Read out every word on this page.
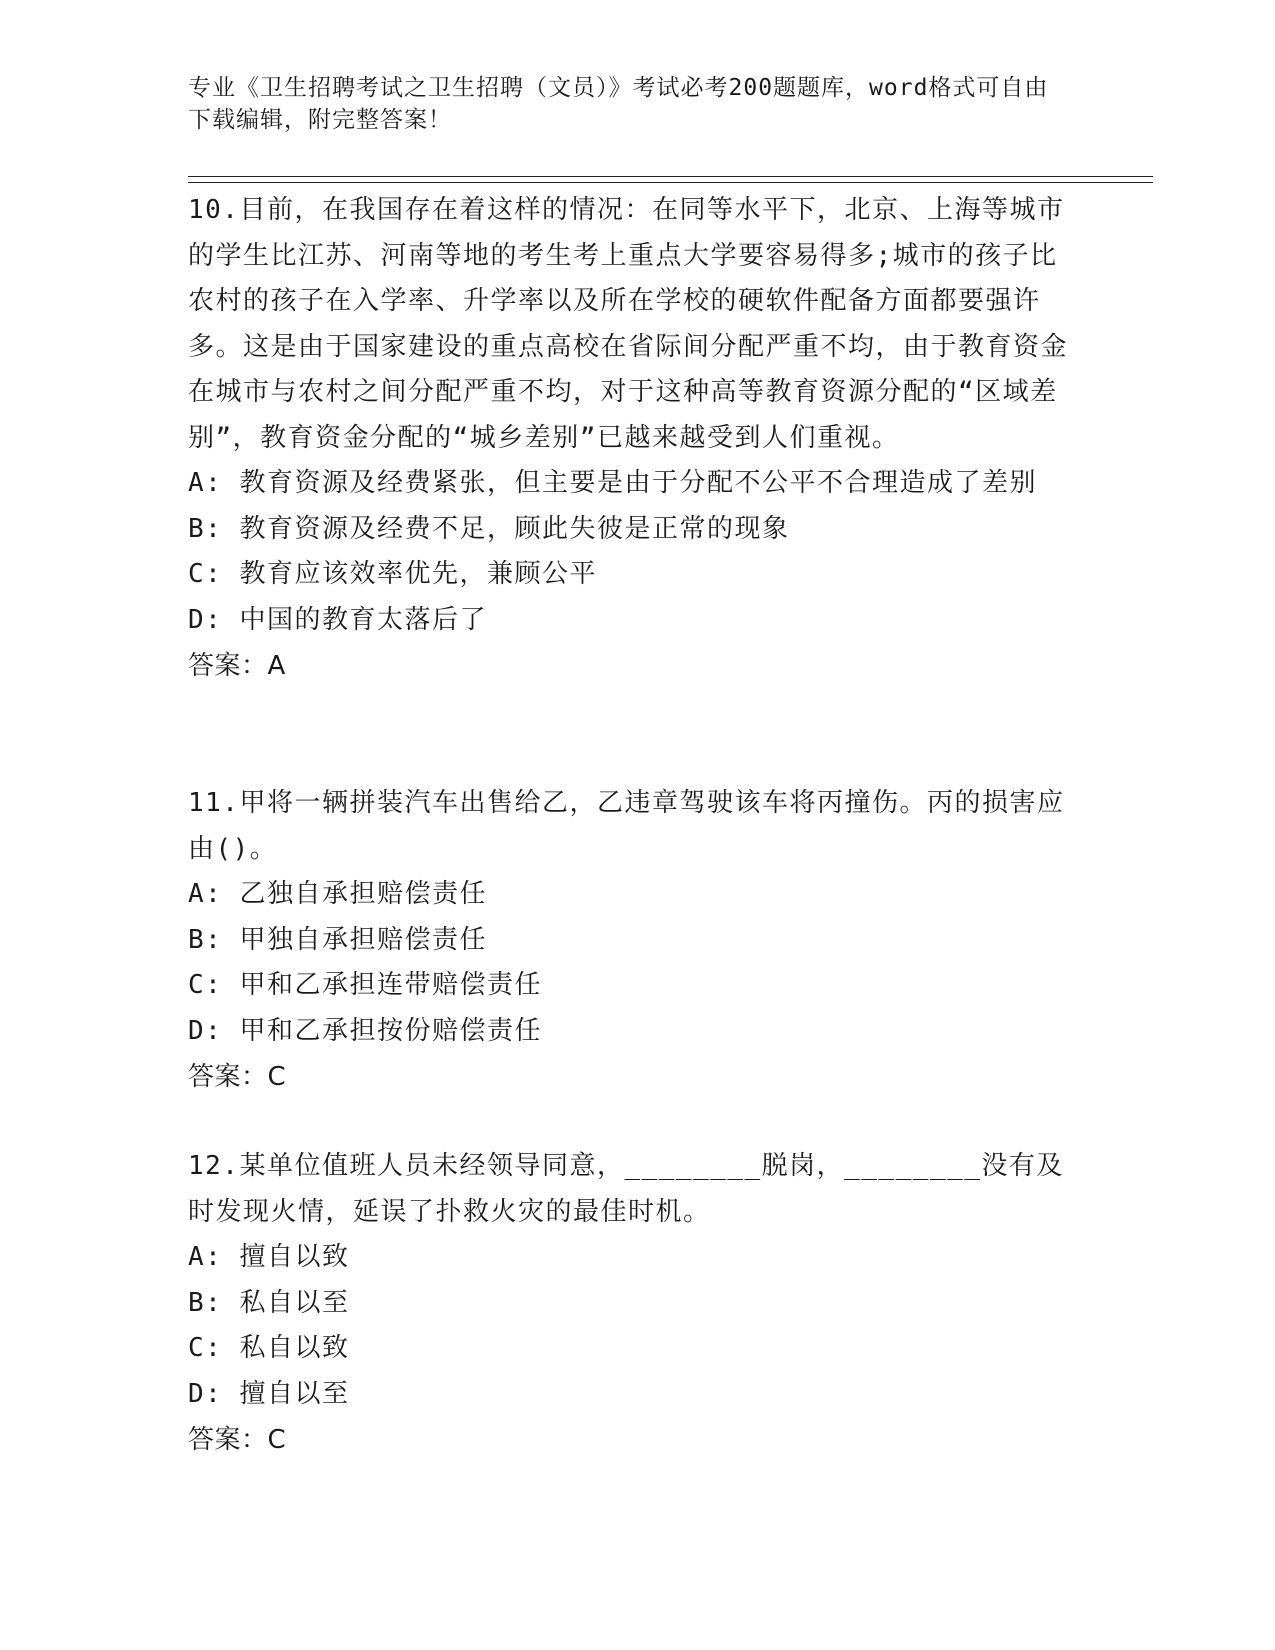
专业《卫生招聘考试之卫生招聘（文员）》考试必考200题题库，word格式可自由下载编辑，附完整答案！
10.目前，在我国存在着这样的情况：在同等水平下，北京、上海等城市的学生比江苏、河南等地的考生考上重点大学要容易得多;城市的孩子比农村的孩子在入学率、升学率以及所在学校的硬软件配备方面都要强许多。这是由于国家建设的重点高校在省际间分配严重不均，由于教育资金在城市与农村之间分配严重不均，对于这种高等教育资源分配的“区域差别”，教育资金分配的“城乡差别”已越来越受到人们重视。
A: 教育资源及经费紧张，但主要是由于分配不公平不合理造成了差别
B: 教育资源及经费不足，顾此失彼是正常的现象
C: 教育应该效率优先，兼顾公平
D: 中国的教育太落后了
答案：A
11.甲将一辆拼装汽车出售给乙，乙违章驾驶该车将丙撞伤。丙的损害应由()。
A: 乙独自承担赔偿责任
B: 甲独自承担赔偿责任
C: 甲和乙承担连带赔偿责任
D: 甲和乙承担按份赔偿责任
答案：C
12.某单位值班人员未经领导同意，________脱岗，________没有及时发现火情，延误了扑救火灾的最佳时机。
A: 擅自以致
B: 私自以至
C: 私自以致
D: 擅自以至
答案：C
